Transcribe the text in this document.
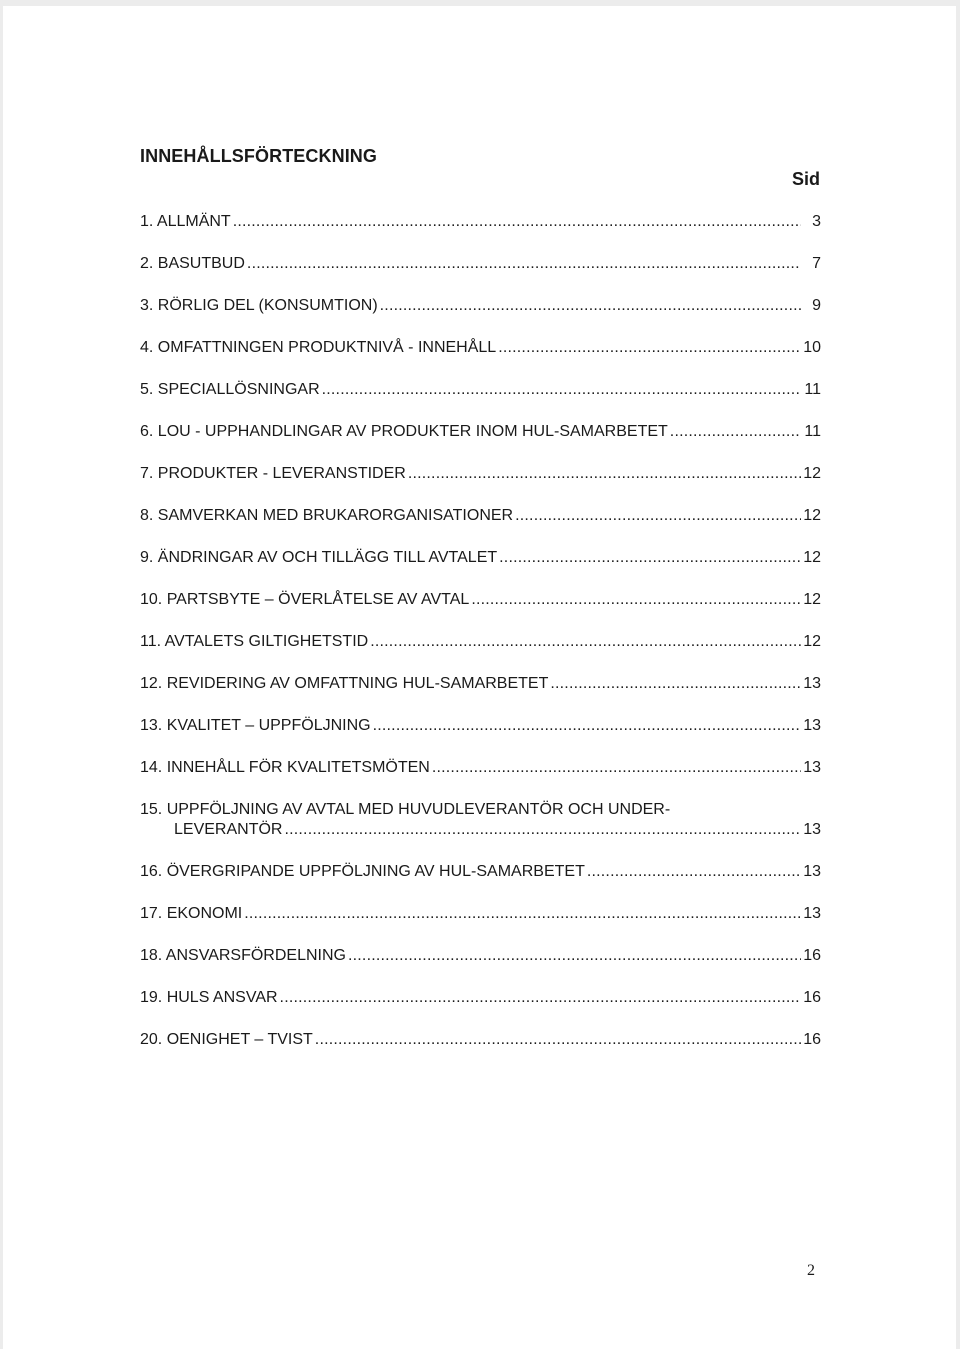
INNEHÅLLSFÖRTECKNING
Sid
1. ALLMÄNT .....	3
2. BASUTBUD .....	7
3. RÖRLIG DEL (KONSUMTION) .....	9
4. OMFATTNINGEN PRODUKTNIVÅ - INNEHÅLL .....	10
5. SPECIALLÖSNINGAR .....	11
6. LOU - UPPHANDLINGAR AV PRODUKTER INOM HUL-SAMARBETET .....	11
7. PRODUKTER - LEVERANSTIDER .....	12
8. SAMVERKAN MED BRUKARORGANISATIONER .....	12
9. ÄNDRINGAR AV OCH TILLÄGG TILL AVTALET .....	12
10. PARTSBYTE – ÖVERLÅTELSE AV AVTAL .....	12
11. AVTALETS GILTIGHETSTID .....	12
12. REVIDERING AV OMFATTNING HUL-SAMARBETET .....	13
13. KVALITET – UPPFÖLJNING .....	13
14. INNEHÅLL FÖR KVALITETSMÖTEN .....	13
15. UPPFÖLJNING AV AVTAL MED HUVUDLEVERANTÖR OCH UNDER-
LEVERANTÖR .....	13
16. ÖVERGRIPANDE UPPFÖLJNING AV HUL-SAMARBETET .....	13
17. EKONOMI .....	13
18. ANSVARSFÖRDELNING .....	16
19. HULS ANSVAR .....	16
20. OENIGHET – TVIST .....	16
2
